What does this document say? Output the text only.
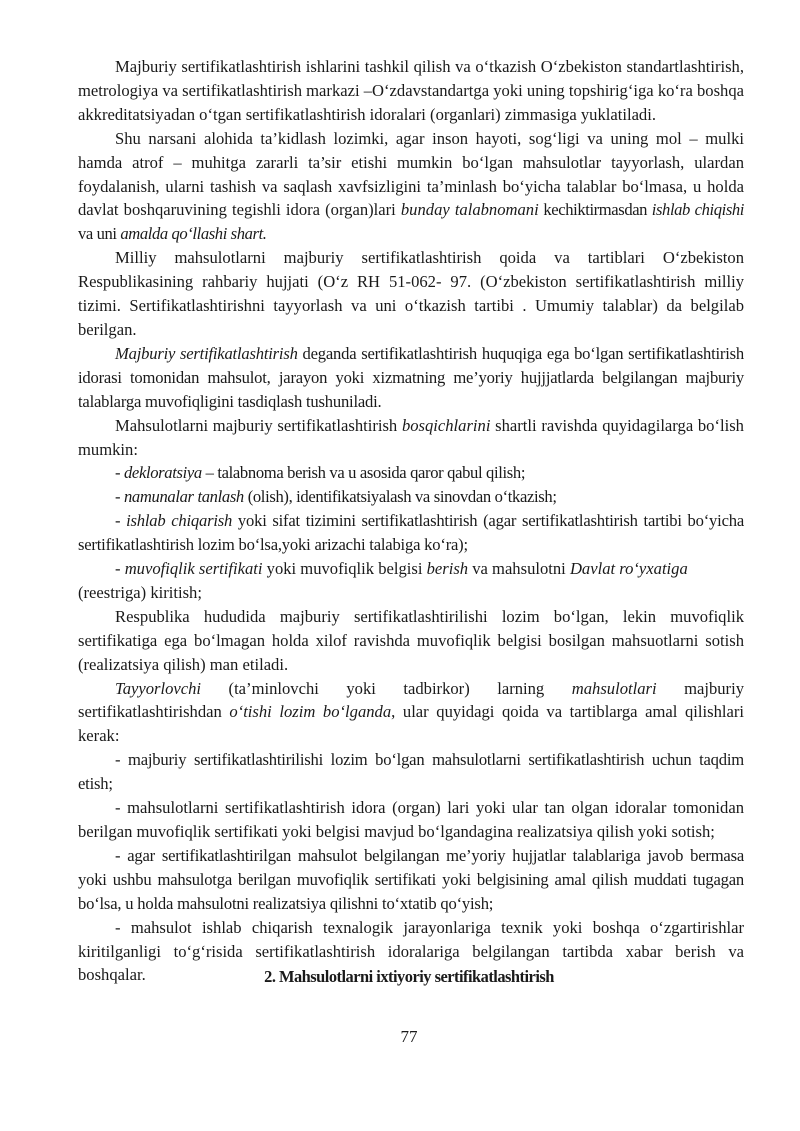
Majburiy sertifikatlashtirish ishlarini tashkil qilish va o‘tkazish O‘zbekiston standartlashtirish, metrologiya va sertifikatlashtirish markazi –O‘zdavstandartga yoki uning topshirig‘iga ko‘ra boshqa akkreditatsiyadan o‘tgan sertifikatlashtirish idoralari (organlari) zimmasiga yuklatiladi.

Shu narsani alohida ta’kidlash lozimki, agar inson hayoti, sog‘ligi va uning mol – mulki hamda atrof – muhitga zararli ta’sir etishi mumkin bo‘lgan mahsulotlar tayyorlash, ulardan foydalanish, ularni tashish va saqlash xavfsizligini ta’minlash bo‘yicha talablar bo‘lmasa, u holda davlat boshqaruvining tegishli idora (organ)lari bunday talabnomani kechiktirmasdan ishlab chiqishi va uni amalda qo‘llashi shart.

Milliy mahsulotlarni majburiy sertifikatlashtirish qoida va tartiblari O‘zbekiston Respublikasining rahbariy hujjati (O‘z RH 51-062- 97. (O‘zbekiston sertifikatlashtirish milliy tizimi. Sertifikatlashtirishni tayyorlash va uni o‘tkazish tartibi . Umumiy talablar) da belgilab berilgan.

Majburiy sertifikatlashtirish deganda sertifikatlashtirish huquqiga ega bo‘lgan sertifikatlashtirish idorasi tomonidan mahsulot, jarayon yoki xizmatning me’yoriy hujjjatlarda belgilangan majburiy talablarga muvofiqligini tasdiqlash tushuniladi.

Mahsulotlarni majburiy sertifikatlashtirish bosqichlarini shartli ravishda quyidagilarga bo‘lish mumkin:

- dekloratsiya – talabnoma berish va u asosida qaror qabul qilish;

- namunalar tanlash (olish), identifikatsiyalash va sinovdan o‘tkazish;

- ishlab chiqarish yoki sifat tizimini sertifikatlashtirish (agar sertifikatlashtirish tartibi bo‘yicha sertifikatlashtirish lozim bo‘lsa,yoki arizachi talabiga ko‘ra);

- muvofiqlik sertifikati yoki muvofiqlik belgisi berish va mahsulotni Davlat ro‘yxatiga (reestriga) kiritish;

Respublika hududida majburiy sertifikatlashtirilishi lozim bo‘lgan, lekin muvofiqlik sertifikatiga ega bo‘lmagan holda xilof ravishda muvofiqlik belgisi bosilgan mahsuotlarni sotish (realizatsiya qilish) man etiladi.

Tayyorlovchi (ta’minlovchi yoki tadbirkor) larning mahsulotlari majburiy sertifikatlashtirishdan o‘tishi lozim bo‘lganda, ular quyidagi qoida va tartiblarga amal qilishlari kerak:

- majburiy sertifikatlashtirilishi lozim bo‘lgan mahsulotlarni sertifikatlashtirish uchun taqdim etish;

- mahsulotlarni sertifikatlashtirish idora (organ) lari yoki ular tan olgan idoralar tomonidan berilgan muvofiqlik sertifikati yoki belgisi mavjud bo‘lgandagina realizatsiya qilish yoki sotish;

- agar sertifikatlashtirilgan mahsulot belgilangan me’yoriy hujjatlar talablariga javob bermasa yoki ushbu mahsulotga berilgan muvofiqlik sertifikati yoki belgisining amal qilish muddati tugagan bo‘lsa, u holda mahsulotni realizatsiya qilishni to‘xtatib qo‘yish;

- mahsulot ishlab chiqarish texnalogik jarayonlariga texnik yoki boshqa o‘zgartirishlar kiritilganligi to‘g‘risida sertifikatlashtirish idoralariga belgilangan tartibda xabar berish va boshqalar.	2. Mahsulotlarni ixtiyoriy sertifikatlashtirish
77
